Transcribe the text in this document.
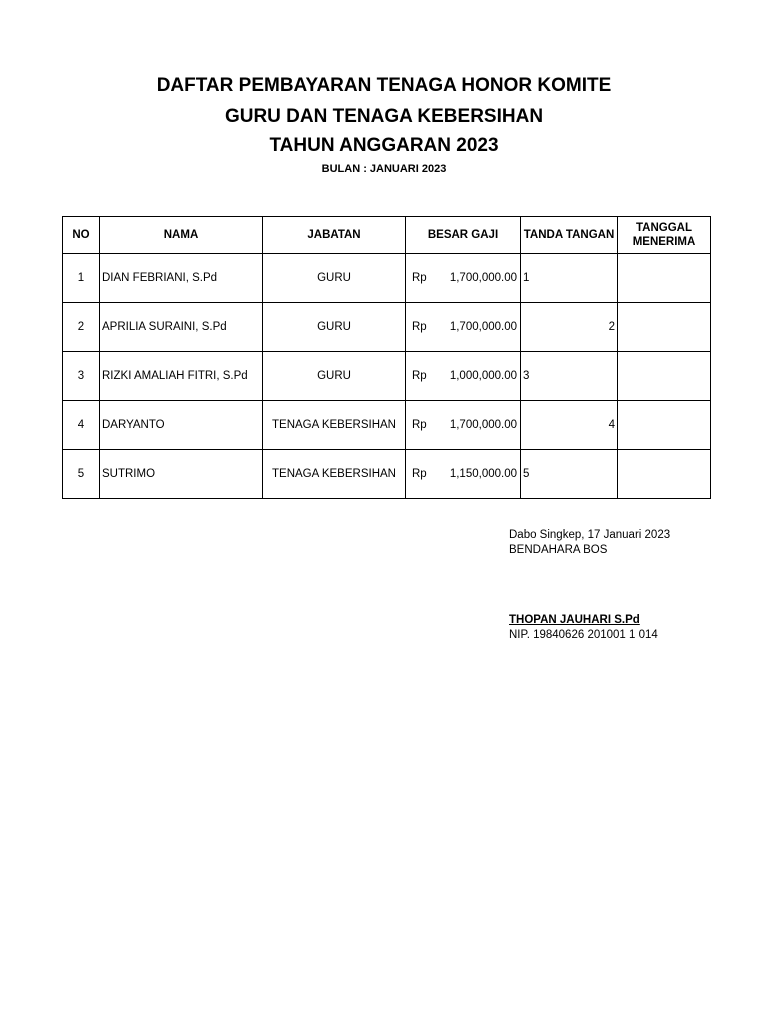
DAFTAR PEMBAYARAN TENAGA HONOR KOMITE
GURU DAN TENAGA KEBERSIHAN
TAHUN ANGGARAN 2023
BULAN : JANUARI 2023
NO	NAMA	JABATAN	BESAR GAJI	TANDA TANGAN	TANGGAL MENERIMA
1	DIAN FEBRIANI, S.Pd	GURU	Rp 1,700,000.00	1	
2	APRILIA SURAINI, S.Pd	GURU	Rp 1,700,000.00	2	
3	RIZKI AMALIAH FITRI, S.Pd	GURU	Rp 1,000,000.00	3	
4	DARYANTO	TENAGA KEBERSIHAN	Rp 1,700,000.00	4	
5	SUTRIMO	TENAGA KEBERSIHAN	Rp 1,150,000.00	5	
Dabo Singkep, 17 Januari 2023
BENDAHARA BOS
THOPAN JAUHARI S.Pd
NIP. 19840626 201001 1 014
